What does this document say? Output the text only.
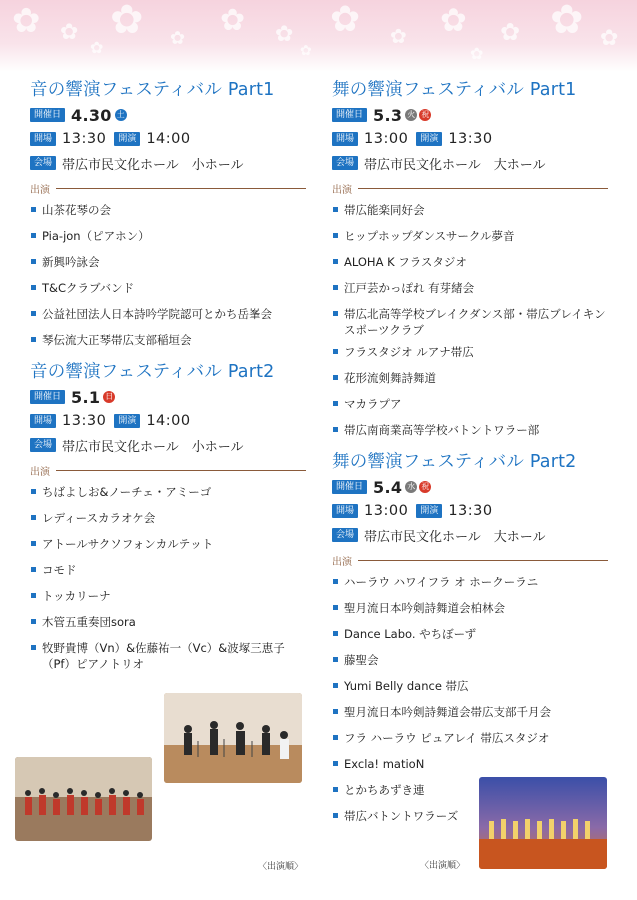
✿ ✿ ✿ ✿
✿ ✿ ✿ ✿ ✿ ✿ ✿ ✿
✿	✿	✿
音の響演フェスティバル Part1
開催日 4.30 土
開場 13:30	開演 14:00
会場 帯広市民文化ホール　小ホール
出演
山茶花琴の会
Pia-jon（ピアホン）
新興吟詠会
T&Cクラブバンド
公益社団法人日本詩吟学院認可とかち岳峯会
琴伝流大正琴帯広支部稲垣会
音の響演フェスティバル Part2
開催日 5.1 日
開場 13:30	開演 14:00
会場 帯広市民文化ホール　小ホール
出演
ちばよしお&ノーチェ・アミーゴ
レディースカラオケ会
アトールサクソフォンカルテット
コモド
トッカリーナ
木管五重奏団sora
牧野貴博（Vn）&佐藤祐一（Vc）&波塚三恵子（Pf）ピアノトリオ
舞の響演フェスティバル Part1
開催日 5.3 火 祝
開場 13:00	開演 13:30
会場 帯広市民文化ホール　大ホール
出演
帯広能楽同好会
ヒップホップダンスサークル夢音
ALOHA K フラスタジオ
江戸芸かっぽれ 有芽緒会
帯広北高等学校ブレイクダンス部・帯広ブレイキンスポーツクラブ
フラスタジオ ルアナ帯広
花形流剣舞詩舞道
マカラプア
帯広南商業高等学校バトントワラー部
舞の響演フェスティバル Part2
開催日 5.4 水 祝
開場 13:00	開演 13:30
会場 帯広市民文化ホール　大ホール
出演
ハーラウ ハワイフラ オ ホークーラニ
聖月流日本吟剣詩舞道会柏林会
Dance Labo. やちぼーず
藤聖会
Yumi Belly dance 帯広
聖月流日本吟剣詩舞道会帯広支部千月会
フラ ハーラウ ピュアレイ 帯広スタジオ
Excla! matioN
とかちあずき連
帯広バトントワラーズ
〈出演順〉	〈出演順〉
